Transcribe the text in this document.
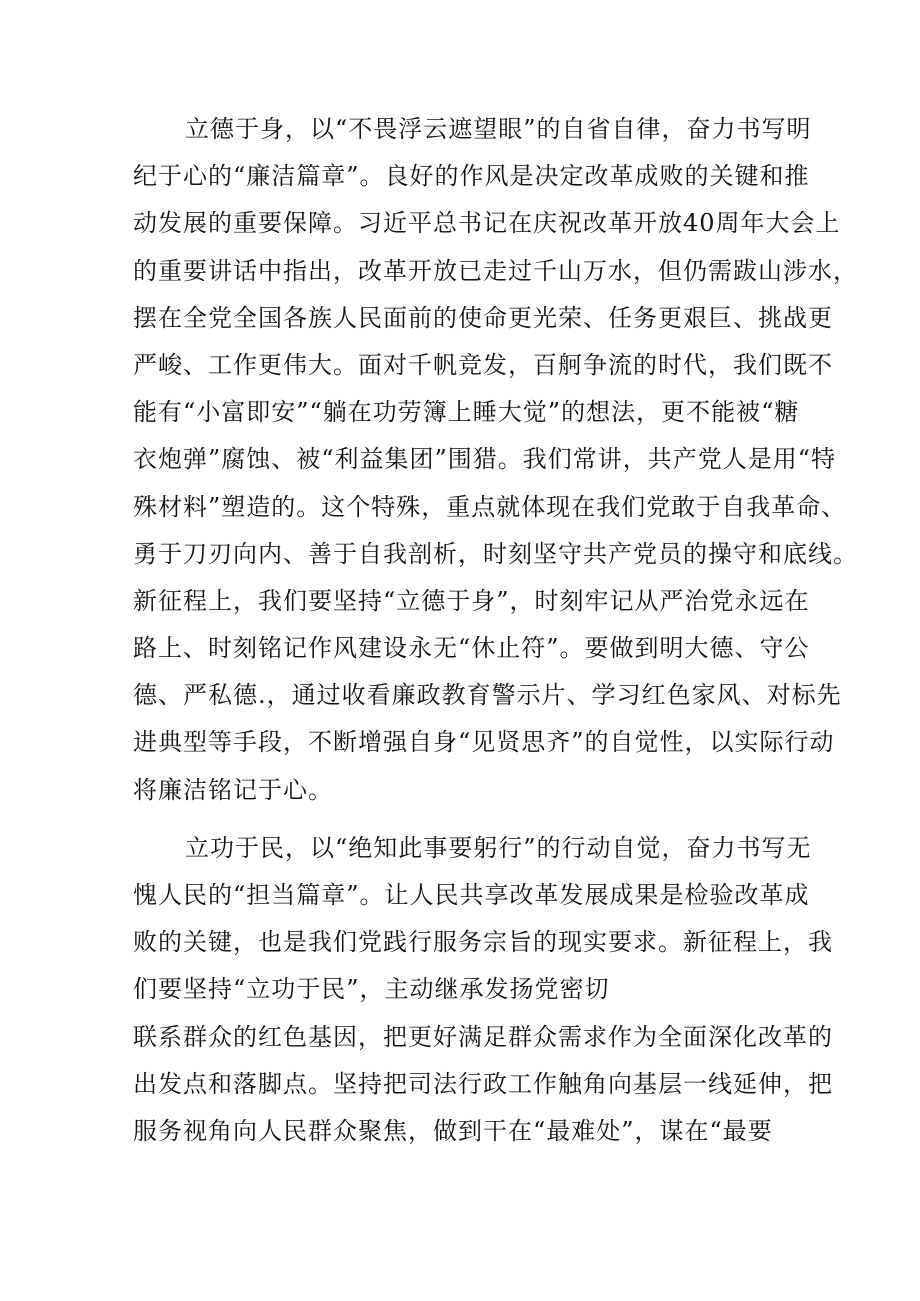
立德于身，以“不畏浮云遮望眼”的自省自律，奋力书写明
纪于心的“廉洁篇章”。良好的作风是决定改革成败的关键和推
动发展的重要保障。习近平总书记在庆祝改革开放40周年大会上
的重要讲话中指出，改革开放已走过千山万水，但仍需跋山涉水，
摆在全党全国各族人民面前的使命更光荣、任务更艰巨、挑战更
严峻、工作更伟大。面对千帆竞发，百舸争流的时代，我们既不
能有“小富即安”“躺在功劳簿上睡大觉”的想法，更不能被“糖
衣炮弹”腐蚀、被“利益集团”围猎。我们常讲，共产党人是用“特
殊材料”塑造的。这个特殊，重点就体现在我们党敢于自我革命、
勇于刀刃向内、善于自我剖析，时刻坚守共产党员的操守和底线。
新征程上，我们要坚持“立德于身”，时刻牢记从严治党永远在
路上、时刻铭记作风建设永无“休止符”。要做到明大德、守公
德、严私德.，通过收看廉政教育警示片、学习红色家风、对标先
进典型等手段，不断增强自身“见贤思齐”的自觉性，以实际行动
将廉洁铭记于心。

立功于民，以“绝知此事要躬行”的行动自觉，奋力书写无
愧人民的“担当篇章”。让人民共享改革发展成果是检验改革成
败的关键，也是我们党践行服务宗旨的现实要求。新征程上，我
们要坚持“立功于民”，主动继承发扬党密切
联系群众的红色基因，把更好满足群众需求作为全面深化改革的
出发点和落脚点。坚持把司法行政工作触角向基层一线延伸，把
服务视角向人民群众聚焦，做到干在“最难处”，谋在“最要
